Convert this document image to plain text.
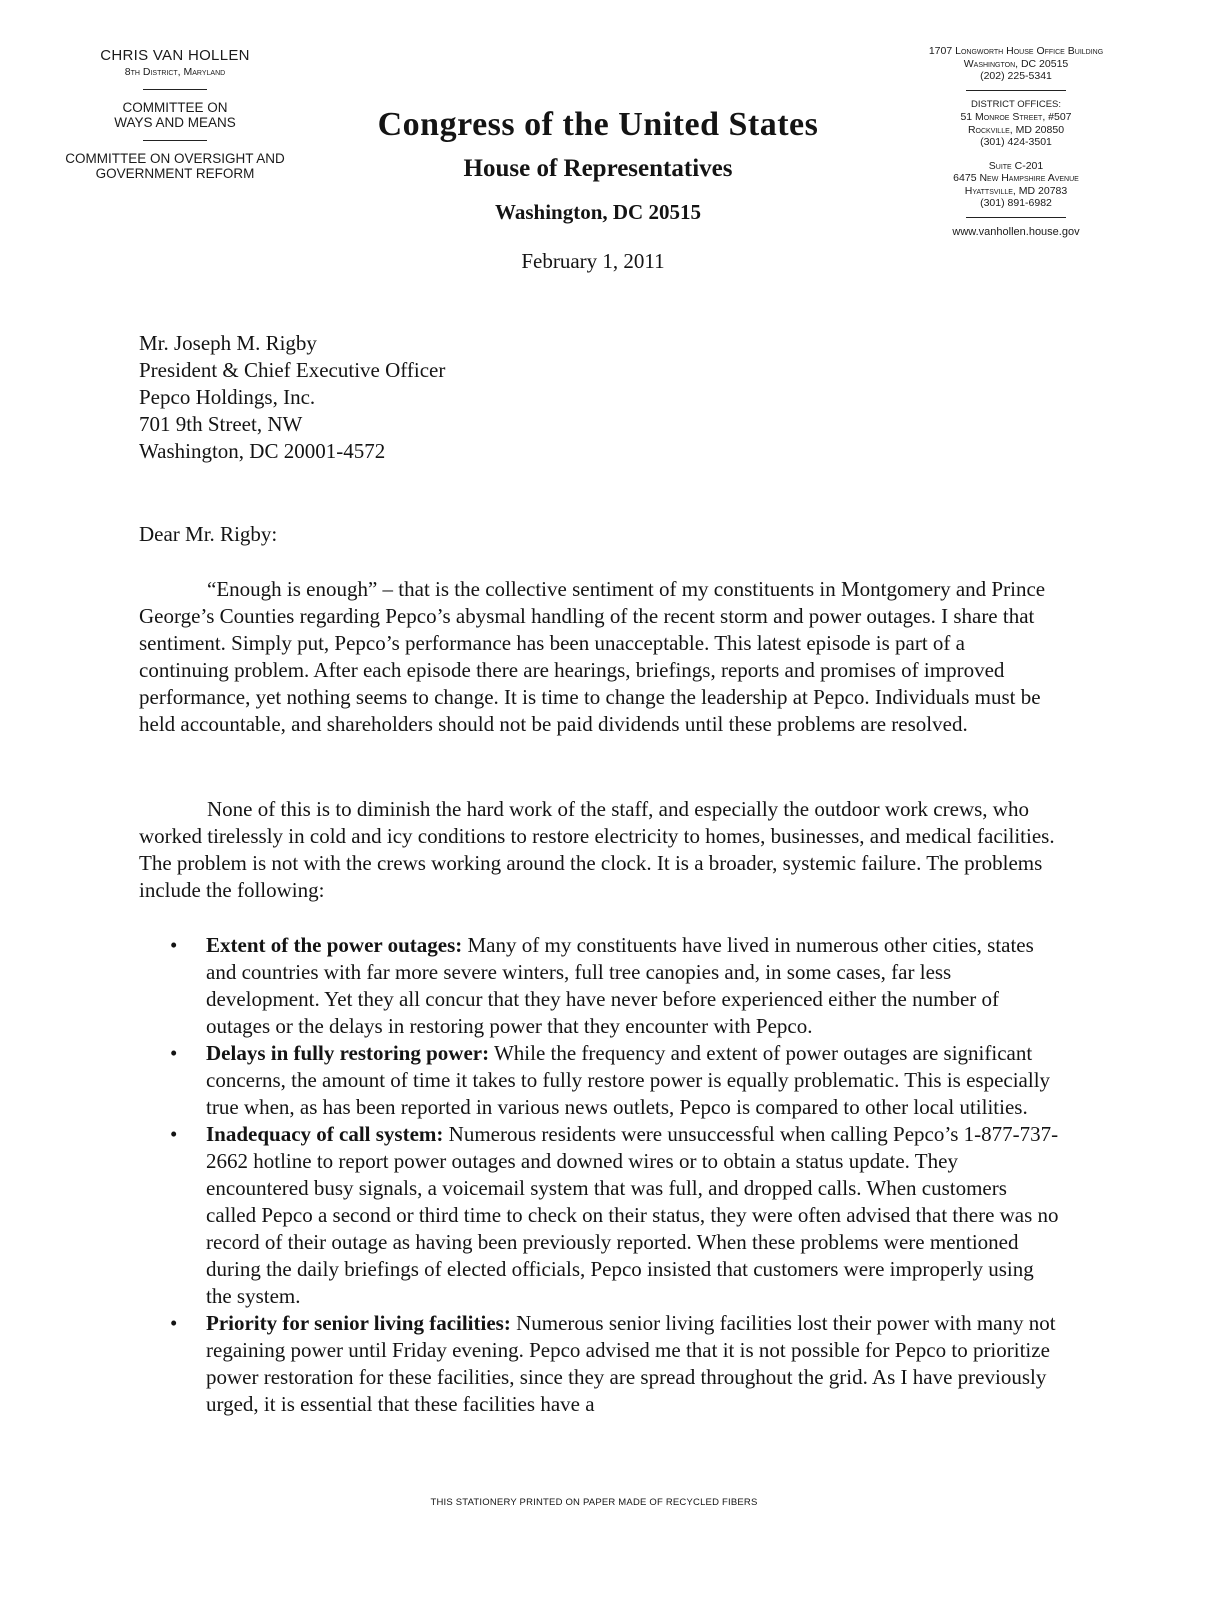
CHRIS VAN HOLLEN
8th District, Maryland
COMMITTEE ON
WAYS AND MEANS
COMMITTEE ON OVERSIGHT AND
GOVERNMENT REFORM
Congress of the United States
House of Representatives
Washington, DC 20515
February 1, 2011
1707 Longworth House Office Building
Washington, DC 20515
(202) 225-5341
DISTRICT OFFICES:
51 Monroe Street, #507
Rockville, MD 20850
(301) 424-3501
Suite C-201
6475 New Hampshire Avenue
Hyattsville, MD 20783
(301) 891-6982
www.vanhollen.house.gov
Mr. Joseph M. Rigby
President & Chief Executive Officer
Pepco Holdings, Inc.
701 9th Street, NW
Washington, DC 20001-4572
Dear Mr. Rigby:

“Enough is enough” – that is the collective sentiment of my constituents in Montgomery and Prince George’s Counties regarding Pepco’s abysmal handling of the recent storm and power outages. I share that sentiment. Simply put, Pepco’s performance has been unacceptable. This latest episode is part of a continuing problem. After each episode there are hearings, briefings, reports and promises of improved performance, yet nothing seems to change. It is time to change the leadership at Pepco. Individuals must be held accountable, and shareholders should not be paid dividends until these problems are resolved.

None of this is to diminish the hard work of the staff, and especially the outdoor work crews, who worked tirelessly in cold and icy conditions to restore electricity to homes, businesses, and medical facilities. The problem is not with the crews working around the clock. It is a broader, systemic failure. The problems include the following:

• Extent of the power outages: Many of my constituents have lived in numerous other cities, states and countries with far more severe winters, full tree canopies and, in some cases, far less development. Yet they all concur that they have never before experienced either the number of outages or the delays in restoring power that they encounter with Pepco.
• Delays in fully restoring power: While the frequency and extent of power outages are significant concerns, the amount of time it takes to fully restore power is equally problematic. This is especially true when, as has been reported in various news outlets, Pepco is compared to other local utilities.
• Inadequacy of call system: Numerous residents were unsuccessful when calling Pepco’s 1-877-737-2662 hotline to report power outages and downed wires or to obtain a status update. They encountered busy signals, a voicemail system that was full, and dropped calls. When customers called Pepco a second or third time to check on their status, they were often advised that there was no record of their outage as having been previously reported. When these problems were mentioned during the daily briefings of elected officials, Pepco insisted that customers were improperly using the system.
• Priority for senior living facilities: Numerous senior living facilities lost their power with many not regaining power until Friday evening. Pepco advised me that it is not possible for Pepco to prioritize power restoration for these facilities, since they are spread throughout the grid. As I have previously urged, it is essential that these facilities have a
THIS STATIONERY PRINTED ON PAPER MADE OF RECYCLED FIBERS
